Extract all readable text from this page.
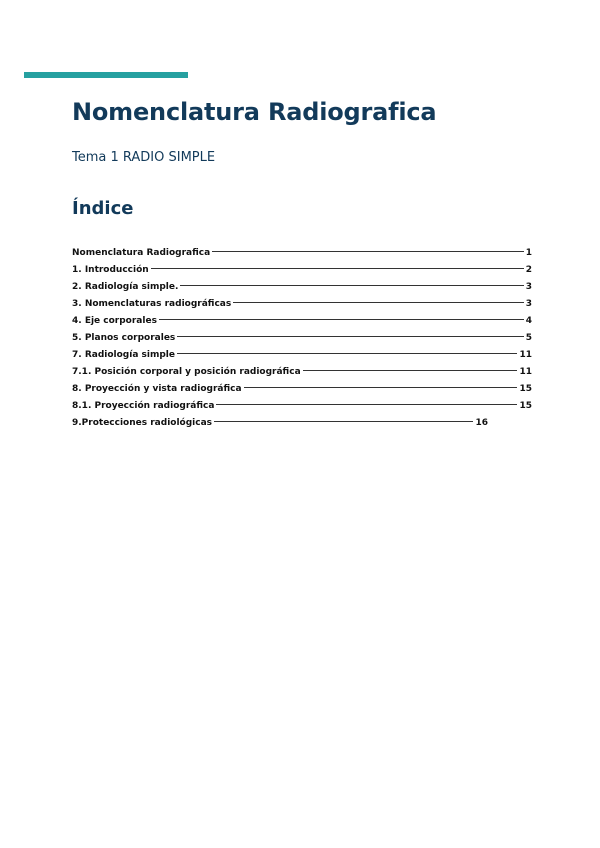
Nomenclatura Radiografica
Tema 1 RADIO SIMPLE
Índice
Nomenclatura Radiografica	1
1. Introducción	2
2. Radiología simple.	3
3. Nomenclaturas radiográficas	3
4. Eje corporales	4
5. Planos corporales	5
7. Radiología simple	11
7.1. Posición corporal y posición radiográfica	11
8. Proyección y vista radiográfica	15
8.1. Proyección radiográfica	15
9.Protecciones radiológicas	16
